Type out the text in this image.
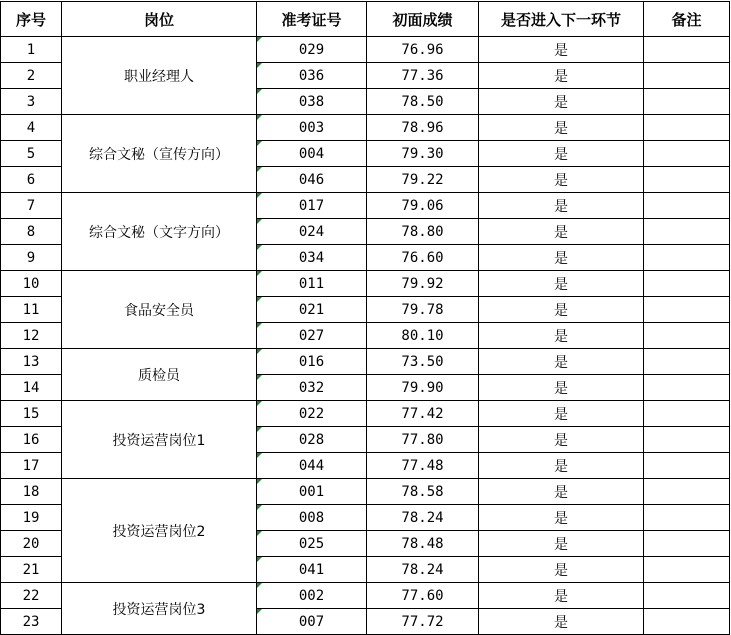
序号	岗位	准考证号	初面成绩	是否进入下一环节	备注
1	职业经理人	029	76.96	是	
2		036	77.36	是	
3		038	78.50	是	
4	综合文秘（宣传方向）	003	78.96	是	
5		004	79.30	是	
6		046	79.22	是	
7	综合文秘（文字方向）	017	79.06	是	
8		024	78.80	是	
9		034	76.60	是	
10	食品安全员	011	79.92	是	
11		021	79.78	是	
12		027	80.10	是	
13	质检员	016	73.50	是	
14		032	79.90	是	
15	投资运营岗位1	022	77.42	是	
16		028	77.80	是	
17		044	77.48	是	
18	投资运营岗位2	001	78.58	是	
19		008	78.24	是	
20		025	78.48	是	
21		041	78.24	是	
22	投资运营岗位3	002	77.60	是	
23		007	77.72	是	
